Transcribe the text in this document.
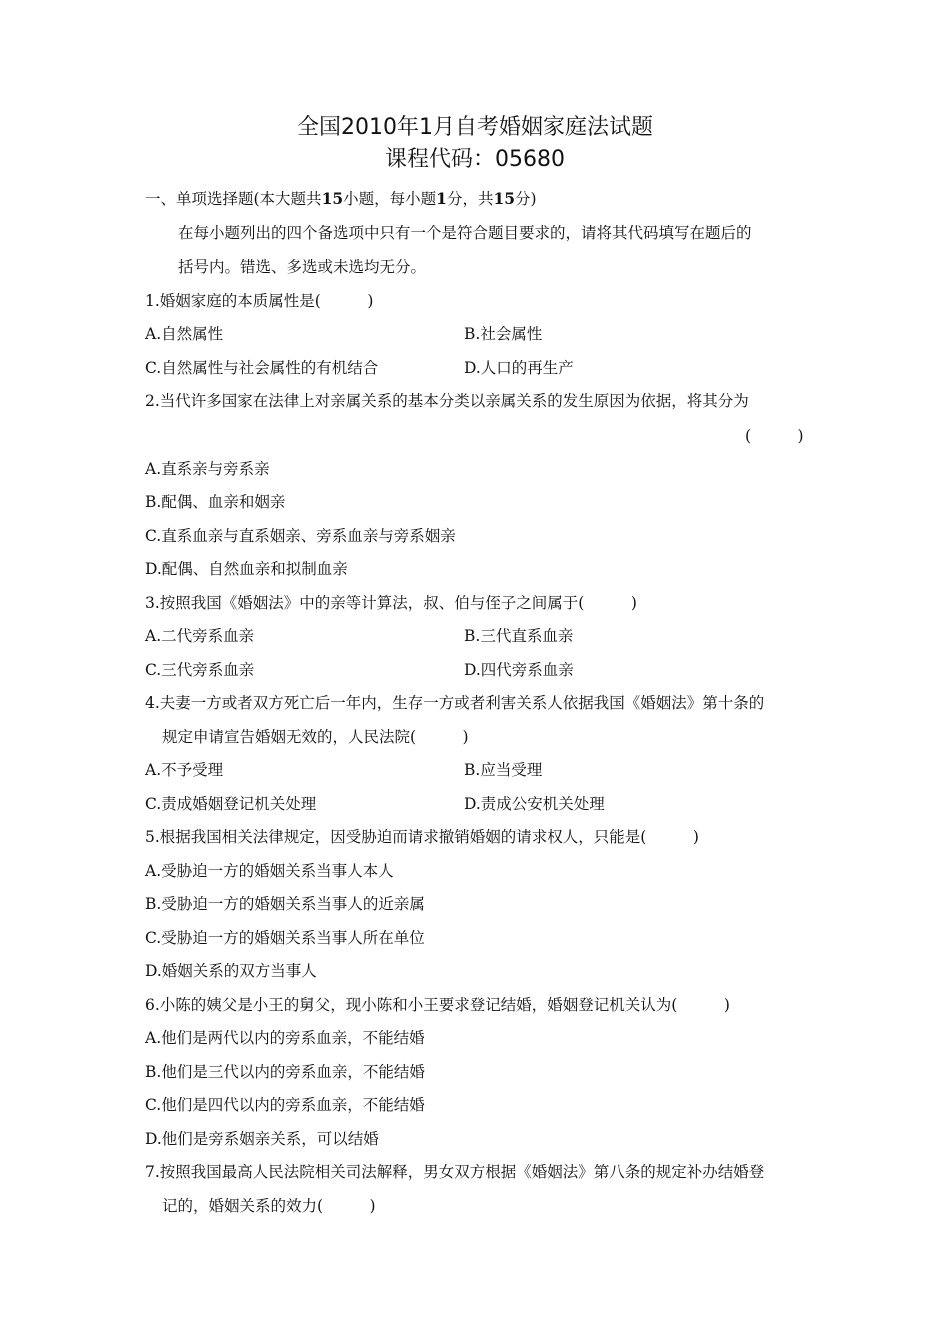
全国2010年1月自考婚姻家庭法试题
课程代码：05680
一、单项选择题(本大题共15小题，每小题1分，共15分)
在每小题列出的四个备选项中只有一个是符合题目要求的，请将其代码填写在题后的
括号内。错选、多选或未选均无分。
1.婚姻家庭的本质属性是(　　　)
A.自然属性	B.社会属性
C.自然属性与社会属性的有机结合	D.人口的再生产
2.当代许多国家在法律上对亲属关系的基本分类以亲属关系的发生原因为依据，将其分为
(　　　)
A.直系亲与旁系亲
B.配偶、血亲和姻亲
C.直系血亲与直系姻亲、旁系血亲与旁系姻亲
D.配偶、自然血亲和拟制血亲
3.按照我国《婚姻法》中的亲等计算法，叔、伯与侄子之间属于(　　　)
A.二代旁系血亲	B.三代直系血亲
C.三代旁系血亲	D.四代旁系血亲
4.夫妻一方或者双方死亡后一年内，生存一方或者利害关系人依据我国《婚姻法》第十条的
规定申请宣告婚姻无效的，人民法院(　　　)
A.不予受理	B.应当受理
C.责成婚姻登记机关处理	D.责成公安机关处理
5.根据我国相关法律规定，因受胁迫而请求撤销婚姻的请求权人，只能是(　　　)
A.受胁迫一方的婚姻关系当事人本人
B.受胁迫一方的婚姻关系当事人的近亲属
C.受胁迫一方的婚姻关系当事人所在单位
D.婚姻关系的双方当事人
6.小陈的姨父是小王的舅父，现小陈和小王要求登记结婚，婚姻登记机关认为(　　　)
A.他们是两代以内的旁系血亲，不能结婚
B.他们是三代以内的旁系血亲，不能结婚
C.他们是四代以内的旁系血亲，不能结婚
D.他们是旁系姻亲关系，可以结婚
7.按照我国最高人民法院相关司法解释，男女双方根据《婚姻法》第八条的规定补办结婚登
记的，婚姻关系的效力(　　　)
